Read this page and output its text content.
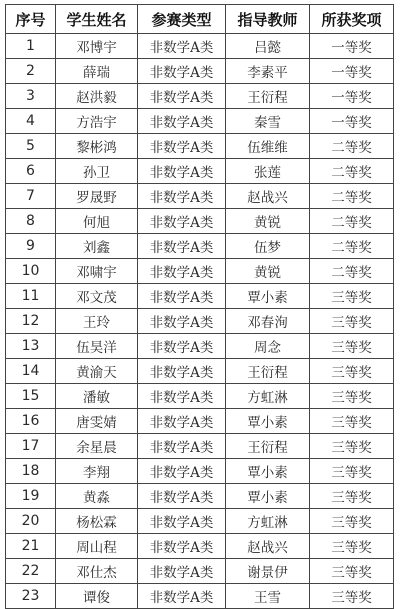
序号	学生姓名	参赛类型	指导教师	所获奖项
1	邓博宇	非数学A类	吕懿	一等奖
2	薛瑞	非数学A类	李素平	一等奖
3	赵洪毅	非数学A类	王衍程	一等奖
4	方浩宇	非数学A类	秦雪	一等奖
5	黎彬鸿	非数学A类	伍维维	二等奖
6	孙卫	非数学A类	张莲	二等奖
7	罗晟野	非数学A类	赵战兴	二等奖
8	何旭	非数学A类	黄锐	二等奖
9	刘鑫	非数学A类	伍梦	二等奖
10	邓啸宇	非数学A类	黄锐	二等奖
11	邓文茂	非数学A类	覃小素	三等奖
12	王玲	非数学A类	邓春洵	三等奖
13	伍昊洋	非数学A类	周念	三等奖
14	黄渝天	非数学A类	王衍程	三等奖
15	潘敏	非数学A类	方虹淋	三等奖
16	唐雯婧	非数学A类	覃小素	三等奖
17	余星晨	非数学A类	王衍程	三等奖
18	李翔	非数学A类	覃小素	三等奖
19	黄淼	非数学A类	覃小素	三等奖
20	杨松霖	非数学A类	方虹淋	三等奖
21	周山程	非数学A类	赵战兴	三等奖
22	邓仕杰	非数学A类	谢景伊	三等奖
23	谭俊	非数学A类	王雪	三等奖
